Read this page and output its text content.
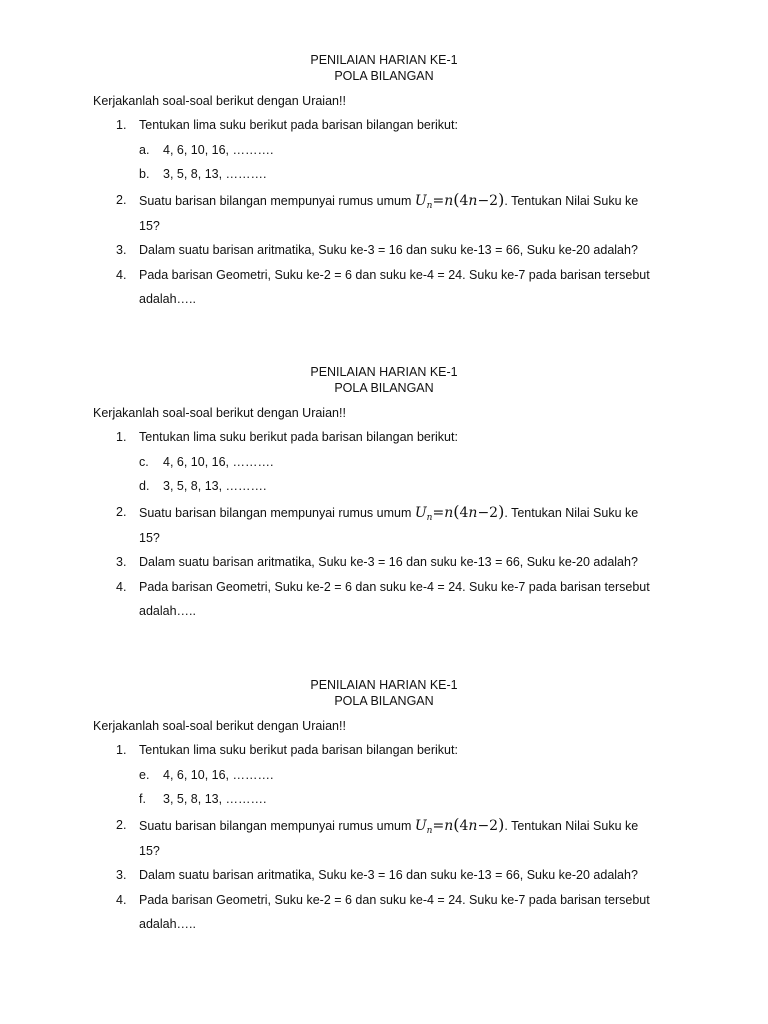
PENILAIAN HARIAN KE-1
POLA BILANGAN
Kerjakanlah soal-soal berikut dengan Uraian!!
1. Tentukan lima suku berikut pada barisan bilangan berikut:
a. 4, 6, 10, 16, ……….
b. 3, 5, 8, 13, ……….
2. Suatu barisan bilangan mempunyai rumus umum $U_n=n(4n-2)$. Tentukan Nilai Suku ke
15?
3. Dalam suatu barisan aritmatika, Suku ke-3 = 16 dan suku ke-13 = 66, Suku ke-20 adalah?
4. Pada barisan Geometri, Suku ke-2 = 6 dan suku ke-4 = 24. Suku ke-7 pada barisan tersebut
adalah…..
PENILAIAN HARIAN KE-1
POLA BILANGAN
Kerjakanlah soal-soal berikut dengan Uraian!!
1. Tentukan lima suku berikut pada barisan bilangan berikut:
c. 4, 6, 10, 16, ……….
d. 3, 5, 8, 13, ……….
2. Suatu barisan bilangan mempunyai rumus umum $U_n=n(4n-2)$. Tentukan Nilai Suku ke
15?
3. Dalam suatu barisan aritmatika, Suku ke-3 = 16 dan suku ke-13 = 66, Suku ke-20 adalah?
4. Pada barisan Geometri, Suku ke-2 = 6 dan suku ke-4 = 24. Suku ke-7 pada barisan tersebut
adalah…..
PENILAIAN HARIAN KE-1
POLA BILANGAN
Kerjakanlah soal-soal berikut dengan Uraian!!
1. Tentukan lima suku berikut pada barisan bilangan berikut:
e. 4, 6, 10, 16, ……….
f. 3, 5, 8, 13, ……….
2. Suatu barisan bilangan mempunyai rumus umum $U_n=n(4n-2)$. Tentukan Nilai Suku ke
15?
3. Dalam suatu barisan aritmatika, Suku ke-3 = 16 dan suku ke-13 = 66, Suku ke-20 adalah?
4. Pada barisan Geometri, Suku ke-2 = 6 dan suku ke-4 = 24. Suku ke-7 pada barisan tersebut
adalah…..
